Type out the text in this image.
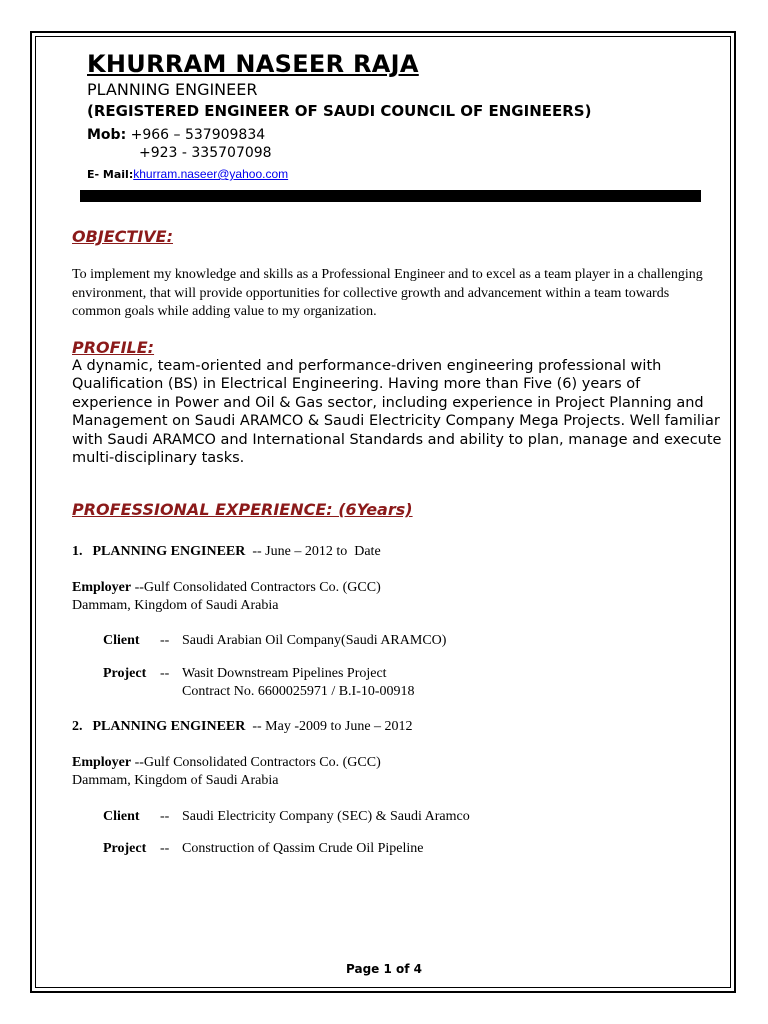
KHURRAM NASEER RAJA
PLANNING ENGINEER
(REGISTERED ENGINEER OF SAUDI COUNCIL OF ENGINEERS)
Mob: +966 – 537909834
+923 - 335707098
E- Mail:khurram.naseer@yahoo.com
OBJECTIVE:
To implement my knowledge and skills as a Professional Engineer and to excel as a team player in a challenging environment, that will provide opportunities for collective growth and advancement within a team towards common goals while adding value to my organization.
PROFILE:
A dynamic, team-oriented and performance-driven engineering professional with Qualification (BS) in Electrical Engineering. Having more than Five (6) years of experience in Power and Oil & Gas sector, including experience in Project Planning and Management on Saudi ARAMCO & Saudi Electricity Company Mega Projects. Well familiar with Saudi ARAMCO and International Standards and ability to plan, manage and execute multi-disciplinary tasks.
PROFESSIONAL EXPERIENCE: (6Years)
1. PLANNING ENGINEER  -- June – 2012 to  Date
Employer --Gulf Consolidated Contractors Co. (GCC)
Dammam, Kingdom of Saudi Arabia
Client -- Saudi Arabian Oil Company(Saudi ARAMCO)
Project -- Wasit Downstream Pipelines Project
Contract No. 6600025971 / B.I-10-00918
2. PLANNING ENGINEER  -- May -2009 to June – 2012
Employer --Gulf Consolidated Contractors Co. (GCC)
Dammam, Kingdom of Saudi Arabia
Client -- Saudi Electricity Company (SEC) & Saudi Aramco
Project -- Construction of Qassim Crude Oil Pipeline
Page 1 of 4
